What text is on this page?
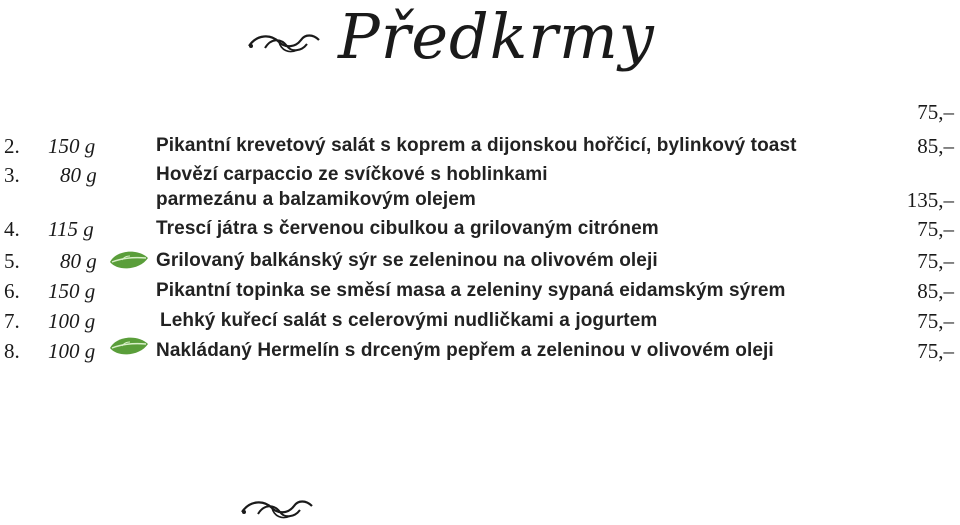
Předkrmy
75,–
2. 150 g	Pikantní krevetový salát s koprem a dijonskou hořčicí, bylinkový toast	85,–
3. 80 g	Hovězí carpaccio ze svíčkové s hoblinkami
parmezánu a balzamikovým olejem	135,–
4. 115 g	Trescí játra s červenou cibulkou a grilovaným citrónem	75,–
5. 80 g	Grilovaný balkánský sýr se zeleninou na olivovém oleji	75,–
6. 150 g	Pikantní topinka se směsí masa a zeleniny sypaná eidamským sýrem	85,–
7. 100 g	Lehký kuřecí salát s celerovými nudličkami a jogurtem	75,–
8. 100 g	Nakládaný Hermelín s drceným pepřem a zeleninou v olivovém oleji	75,–
